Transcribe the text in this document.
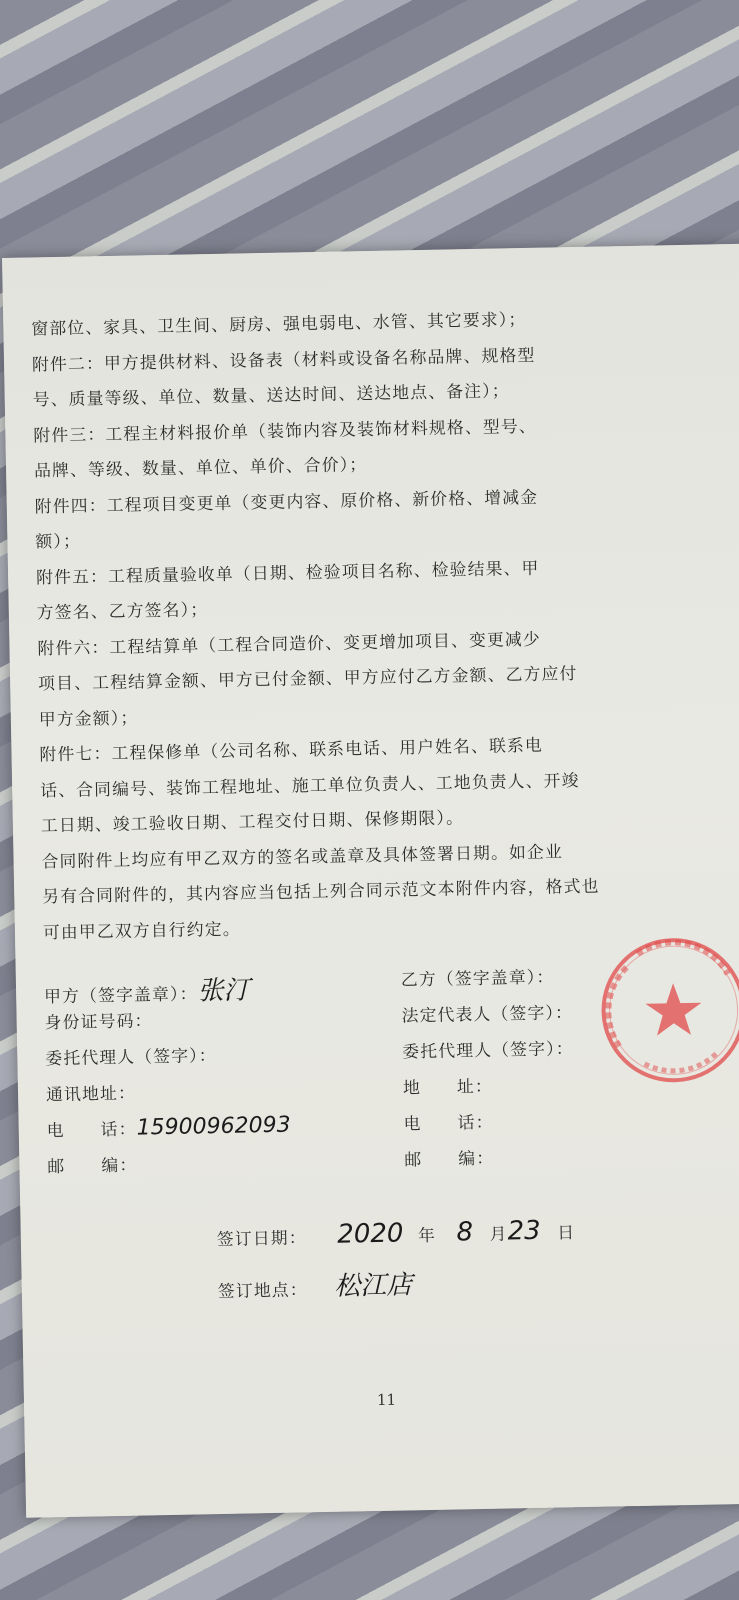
窗部位、家具、卫生间、厨房、强电弱电、水管、其它要求）；
附件二：甲方提供材料、设备表（材料或设备名称品牌、规格型
号、质量等级、单位、数量、送达时间、送达地点、备注）；
附件三：工程主材料报价单（装饰内容及装饰材料规格、型号、
品牌、等级、数量、单位、单价、合价）；
附件四：工程项目变更单（变更内容、原价格、新价格、增减金
额）；
附件五：工程质量验收单（日期、检验项目名称、检验结果、甲
方签名、乙方签名）；
附件六：工程结算单（工程合同造价、变更增加项目、变更减少
项目、工程结算金额、甲方已付金额、甲方应付乙方金额、乙方应付
甲方金额）；
附件七：工程保修单（公司名称、联系电话、用户姓名、联系电
话、合同编号、装饰工程地址、施工单位负责人、工地负责人、开竣
工日期、竣工验收日期、工程交付日期、保修期限）。
合同附件上均应有甲乙双方的签名或盖章及具体签署日期。如企业
另有合同附件的，其内容应当包括上列合同示范文本附件内容，格式也
可由甲乙双方自行约定。
甲方（签字盖章）：张汀	乙方（签字盖章）：
身份证号码：	法定代表人（签字）：
委托代理人（签字）：	委托代理人（签字）：
通讯地址：	地　　址：
电　　话：15900962093	电　　话：
邮　　编：	邮　　编：
签订日期： 2020 年 8 月23 日
签订地点： 松江店
11
